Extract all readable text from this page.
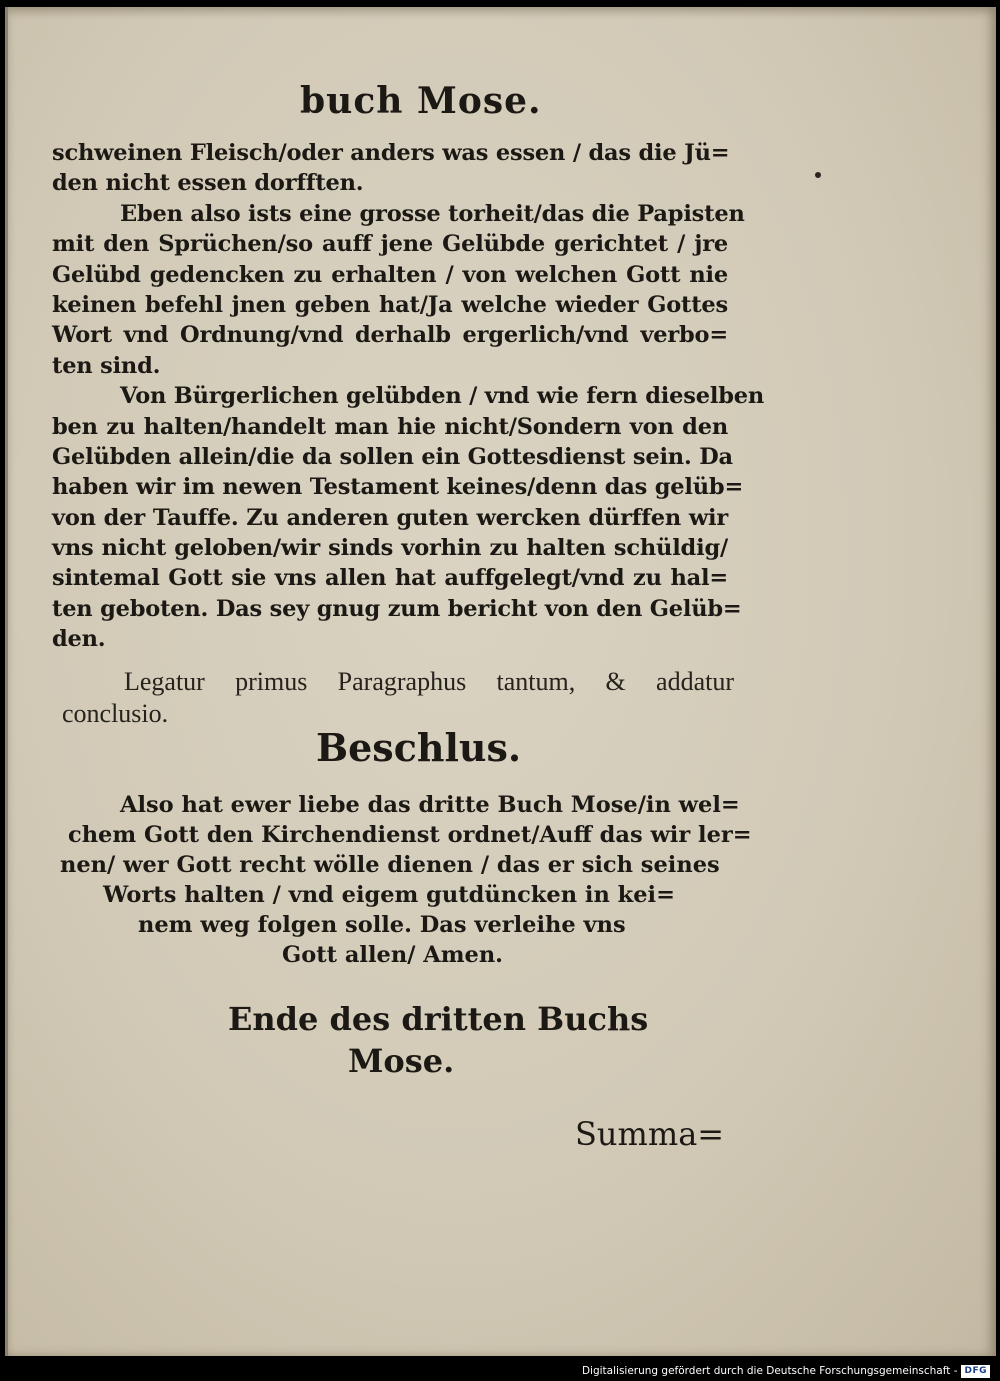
buch Mose.
schweinen Fleisch/oder anders was essen / das die Jü=
den nicht essen dorfften.
Eben also ists eine grosse torheit/das die Papisten
mit den Sprüchen/so auff jene Gelübde gerichtet / jre
Gelübd gedencken zu erhalten / von welchen Gott nie
keinen befehl jnen geben hat/Ja welche wieder Gottes
Wort vnd Ordnung/vnd derhalb ergerlich/vnd verbo=
ten sind.
Von Bürgerlichen gelübden / vnd wie fern dieselben
ben zu halten/handelt man hie nicht/Sondern von den
Gelübden allein/die da sollen ein Gottesdienst sein. Da
haben wir im newen Testament keines/denn das gelüb=
von der Tauffe. Zu anderen guten wercken dürffen wir
vns nicht geloben/wir sinds vorhin zu halten schüldig/
sintemal Gott sie vns allen hat auffgelegt/vnd zu hal=
ten geboten. Das sey gnug zum bericht von den Gelüb=
den.
Legatur primus Paragraphus tantum, & addatur
conclusio.
Beschlus.
Also hat ewer liebe das dritte Buch Mose/in wel=
chem Gott den Kirchendienst ordnet/Auff das wir ler=
nen/ wer Gott recht wölle dienen / das er sich seines
Worts halten / vnd eigem gutdüncken in kei=
nem weg folgen solle. Das verleihe vns
Gott allen/ Amen.
Ende des dritten Buchs
Mose.
Summa=
Digitalisierung gefördert durch die Deutsche Forschungsgemeinschaft - DFG
